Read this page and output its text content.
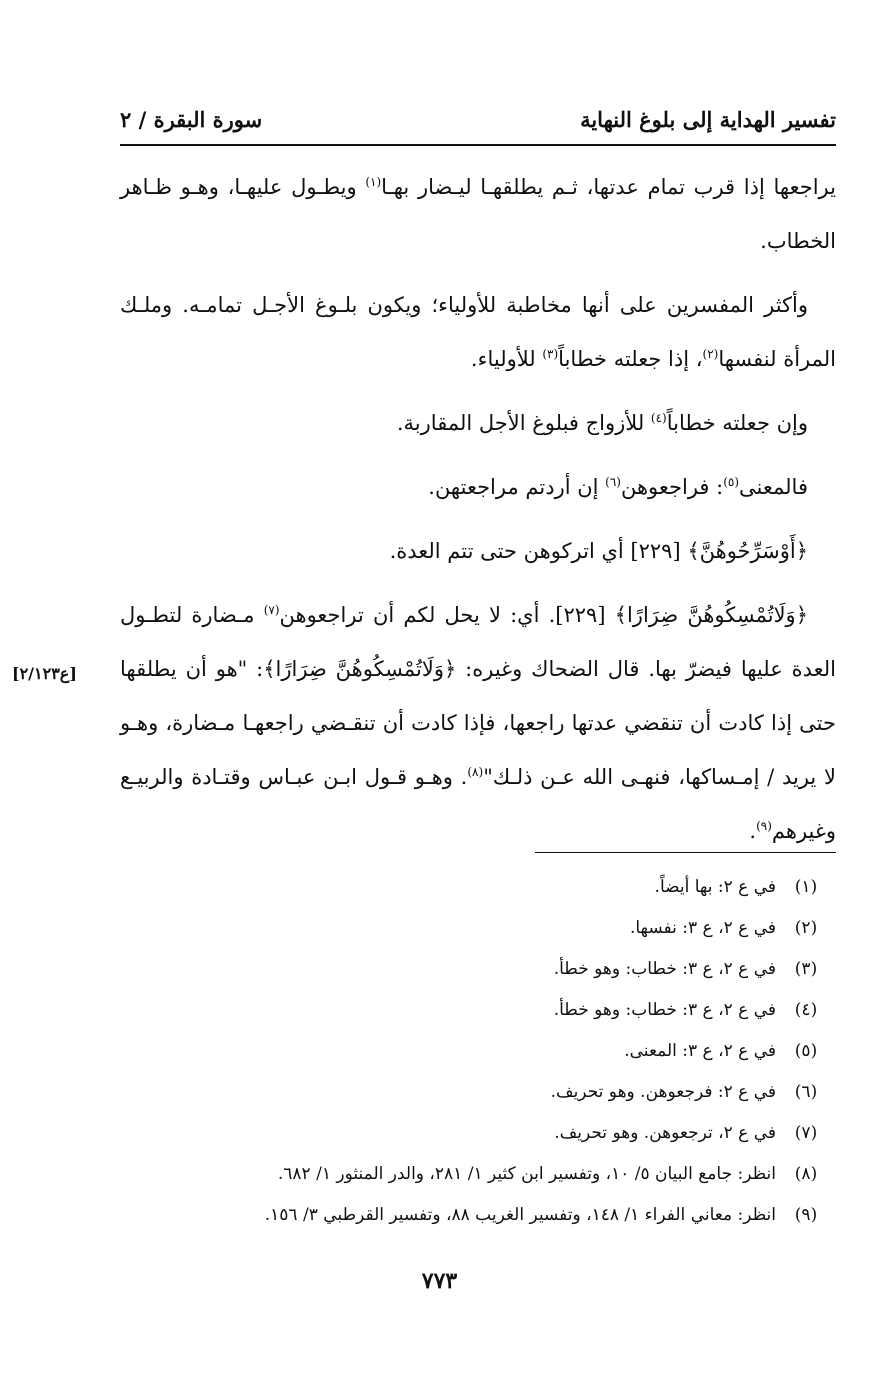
تفسير الهداية إلى بلوغ النهاية
سورة البقرة / ٢

يراجعها إذا قرب تمام عدتها، ثـم يطلقهـا ليـضار بهـا$^{(١)}$ ويطـول عليهـا، وهـو ظـاهر الخطاب.

وأكثر المفسرين على أنها مخاطبة للأولياء؛ ويكون بلـوغ الأجـل تمامـه. وملـك المرأة لنفسها$^{(٢)}$، إذا جعلته خطاباً$^{(٣)}$ للأولياء.

وإن جعلته خطاباً$^{(٤)}$ للأزواج فبلوغ الأجل المقاربة.

فالمعنى$^{(٥)}$: فراجعوهن$^{(٦)}$ إن أردتم مراجعتهن.

﴿أَوْسَرِّحُوهُنَّ﴾ [٢٢٩] أي اتركوهن حتى تتم العدة.

﴿وَلَاتُمْسِكُوهُنَّ ضِرَارًا﴾ [٢٢٩]. أي: لا يحل لكم أن تراجعوهن$^{(٧)}$ مـضارة لتطـول العدة عليها فيضرّ بها. قال الضحاك وغيره: ﴿وَلَاتُمْسِكُوهُنَّ ضِرَارًا﴾: "هو أن يطلقها حتى إذا كادت أن تنقضي عدتها راجعها، فإذا كادت أن تنقـضي راجعهـا مـضارة، وهـو لا يريد / إمـساكها، فنهـى الله عـن ذلـك"$^{(٨)}$. وهـو قـول ابـن عبـاس وقتـادة والربيـع وغيرهم$^{(٩)}$.

[ع٢/١٢٣]
(١)
في ع ٢: بها أيضاً.
(٢)
في ع ٢، ع ٣: نفسها.
(٣)
في ع ٢، ع ٣: خطاب: وهو خطأ.
(٤)
في ع ٢، ع ٣: خطاب: وهو خطأ.
(٥)
في ع ٢، ع ٣: المعنى.
(٦)
في ع ٢: فرجعوهن. وهو تحريف.
(٧)
في ع ٢، ترجعوهن. وهو تحريف.
(٨)
انظر: جامع البيان ٥/ ١٠، وتفسير ابن كثير ١/ ٢٨١، والدر المنثور ١/ ٦٨٢.
(٩)
انظر: معاني الفراء ١/ ١٤٨، وتفسير الغريب ٨٨، وتفسير القرطبي ٣/ ١٥٦.
٧٧٣
